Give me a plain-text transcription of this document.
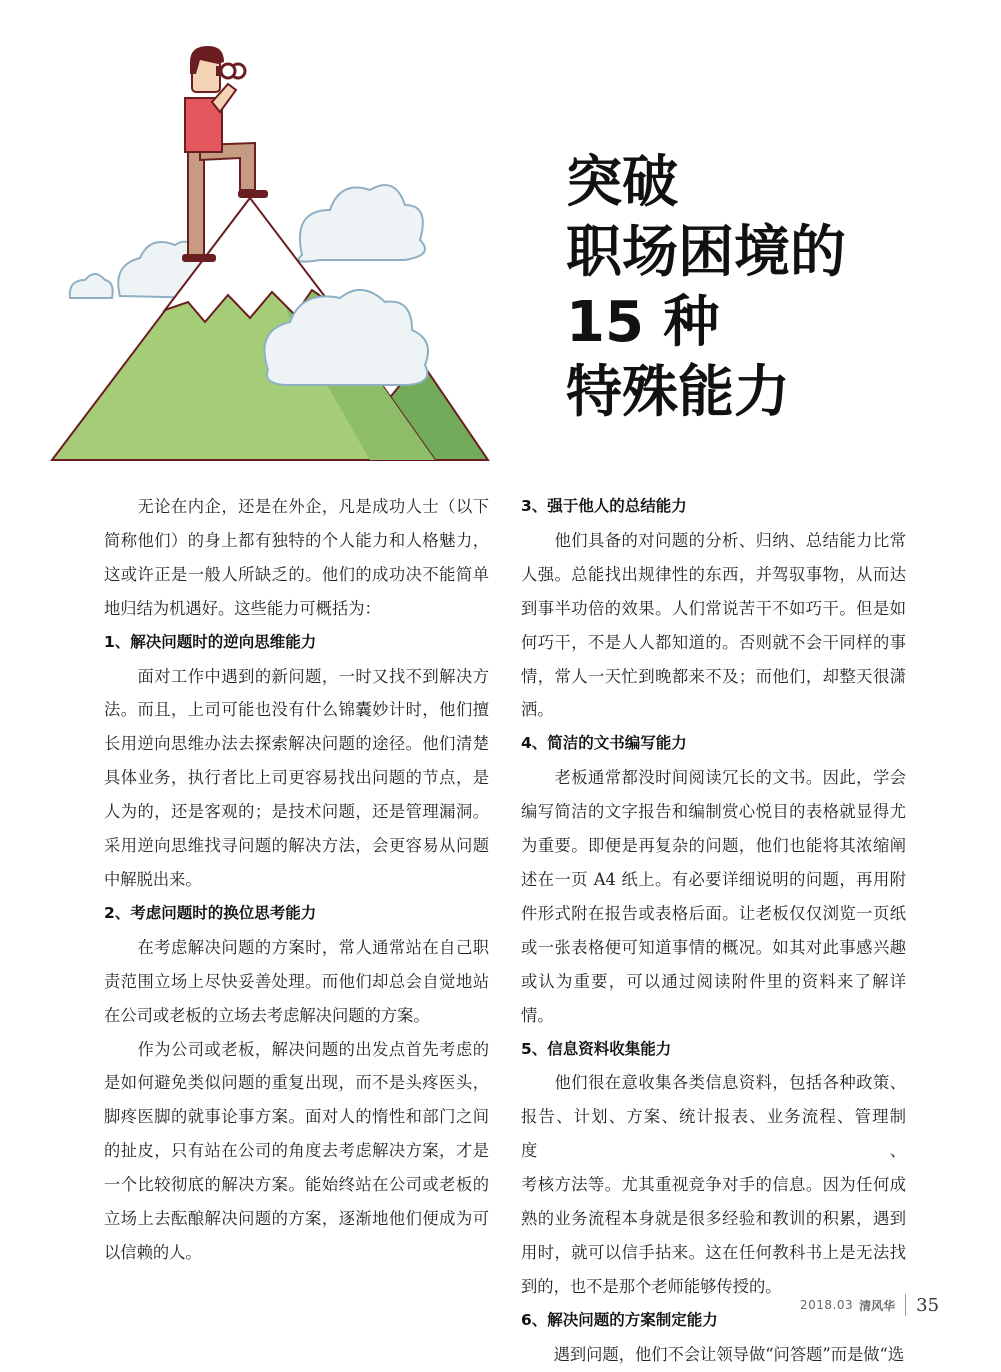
突破
职场困境的
15 种
特殊能力
　　无论在内企，还是在外企，凡是成功人士（以下
简称他们）的身上都有独特的个人能力和人格魅力，
这或许正是一般人所缺乏的。他们的成功决不能简单
地归结为机遇好。这些能力可概括为：
1、解决问题时的逆向思维能力
　　面对工作中遇到的新问题，一时又找不到解决方
法。而且，上司可能也没有什么锦囊妙计时，他们擅
长用逆向思维办法去探索解决问题的途径。他们清楚
具体业务，执行者比上司更容易找出问题的节点，是
人为的，还是客观的；是技术问题，还是管理漏洞。
采用逆向思维找寻问题的解决方法，会更容易从问题
中解脱出来。
2、考虑问题时的换位思考能力
　　在考虑解决问题的方案时，常人通常站在自己职
责范围立场上尽快妥善处理。而他们却总会自觉地站
在公司或老板的立场去考虑解决问题的方案。
　　作为公司或老板，解决问题的出发点首先考虑的
是如何避免类似问题的重复出现，而不是头疼医头，
脚疼医脚的就事论事方案。面对人的惰性和部门之间
的扯皮，只有站在公司的角度去考虑解决方案，才是
一个比较彻底的解决方案。能始终站在公司或老板的
立场上去酝酿解决问题的方案，逐渐地他们便成为可
以信赖的人。
3、强于他人的总结能力
　　他们具备的对问题的分析、归纳、总结能力比常
人强。总能找出规律性的东西，并驾驭事物，从而达
到事半功倍的效果。人们常说苦干不如巧干。但是如
何巧干，不是人人都知道的。否则就不会干同样的事
情，常人一天忙到晚都来不及；而他们，却整天很潇洒。
4、简洁的文书编写能力
　　老板通常都没时间阅读冗长的文书。因此，学会
编写简洁的文字报告和编制赏心悦目的表格就显得尤
为重要。即便是再复杂的问题，他们也能将其浓缩阐
述在一页 A4 纸上。有必要详细说明的问题，再用附
件形式附在报告或表格后面。让老板仅仅浏览一页纸
或一张表格便可知道事情的概况。如其对此事感兴趣
或认为重要，可以通过阅读附件里的资料来了解详情。
5、信息资料收集能力
　　他们很在意收集各类信息资料，包括各种政策、
报告、计划、方案、统计报表、业务流程、管理制度、
考核方法等。尤其重视竞争对手的信息。因为任何成
熟的业务流程本身就是很多经验和教训的积累，遇到
用时，就可以信手拈来。这在任何教科书上是无法找
到的，也不是那个老师能够传授的。
6、解决问题的方案制定能力
　　遇到问题，他们不会让领导做“问答题”而是做“选
2018.03 清风华 35
